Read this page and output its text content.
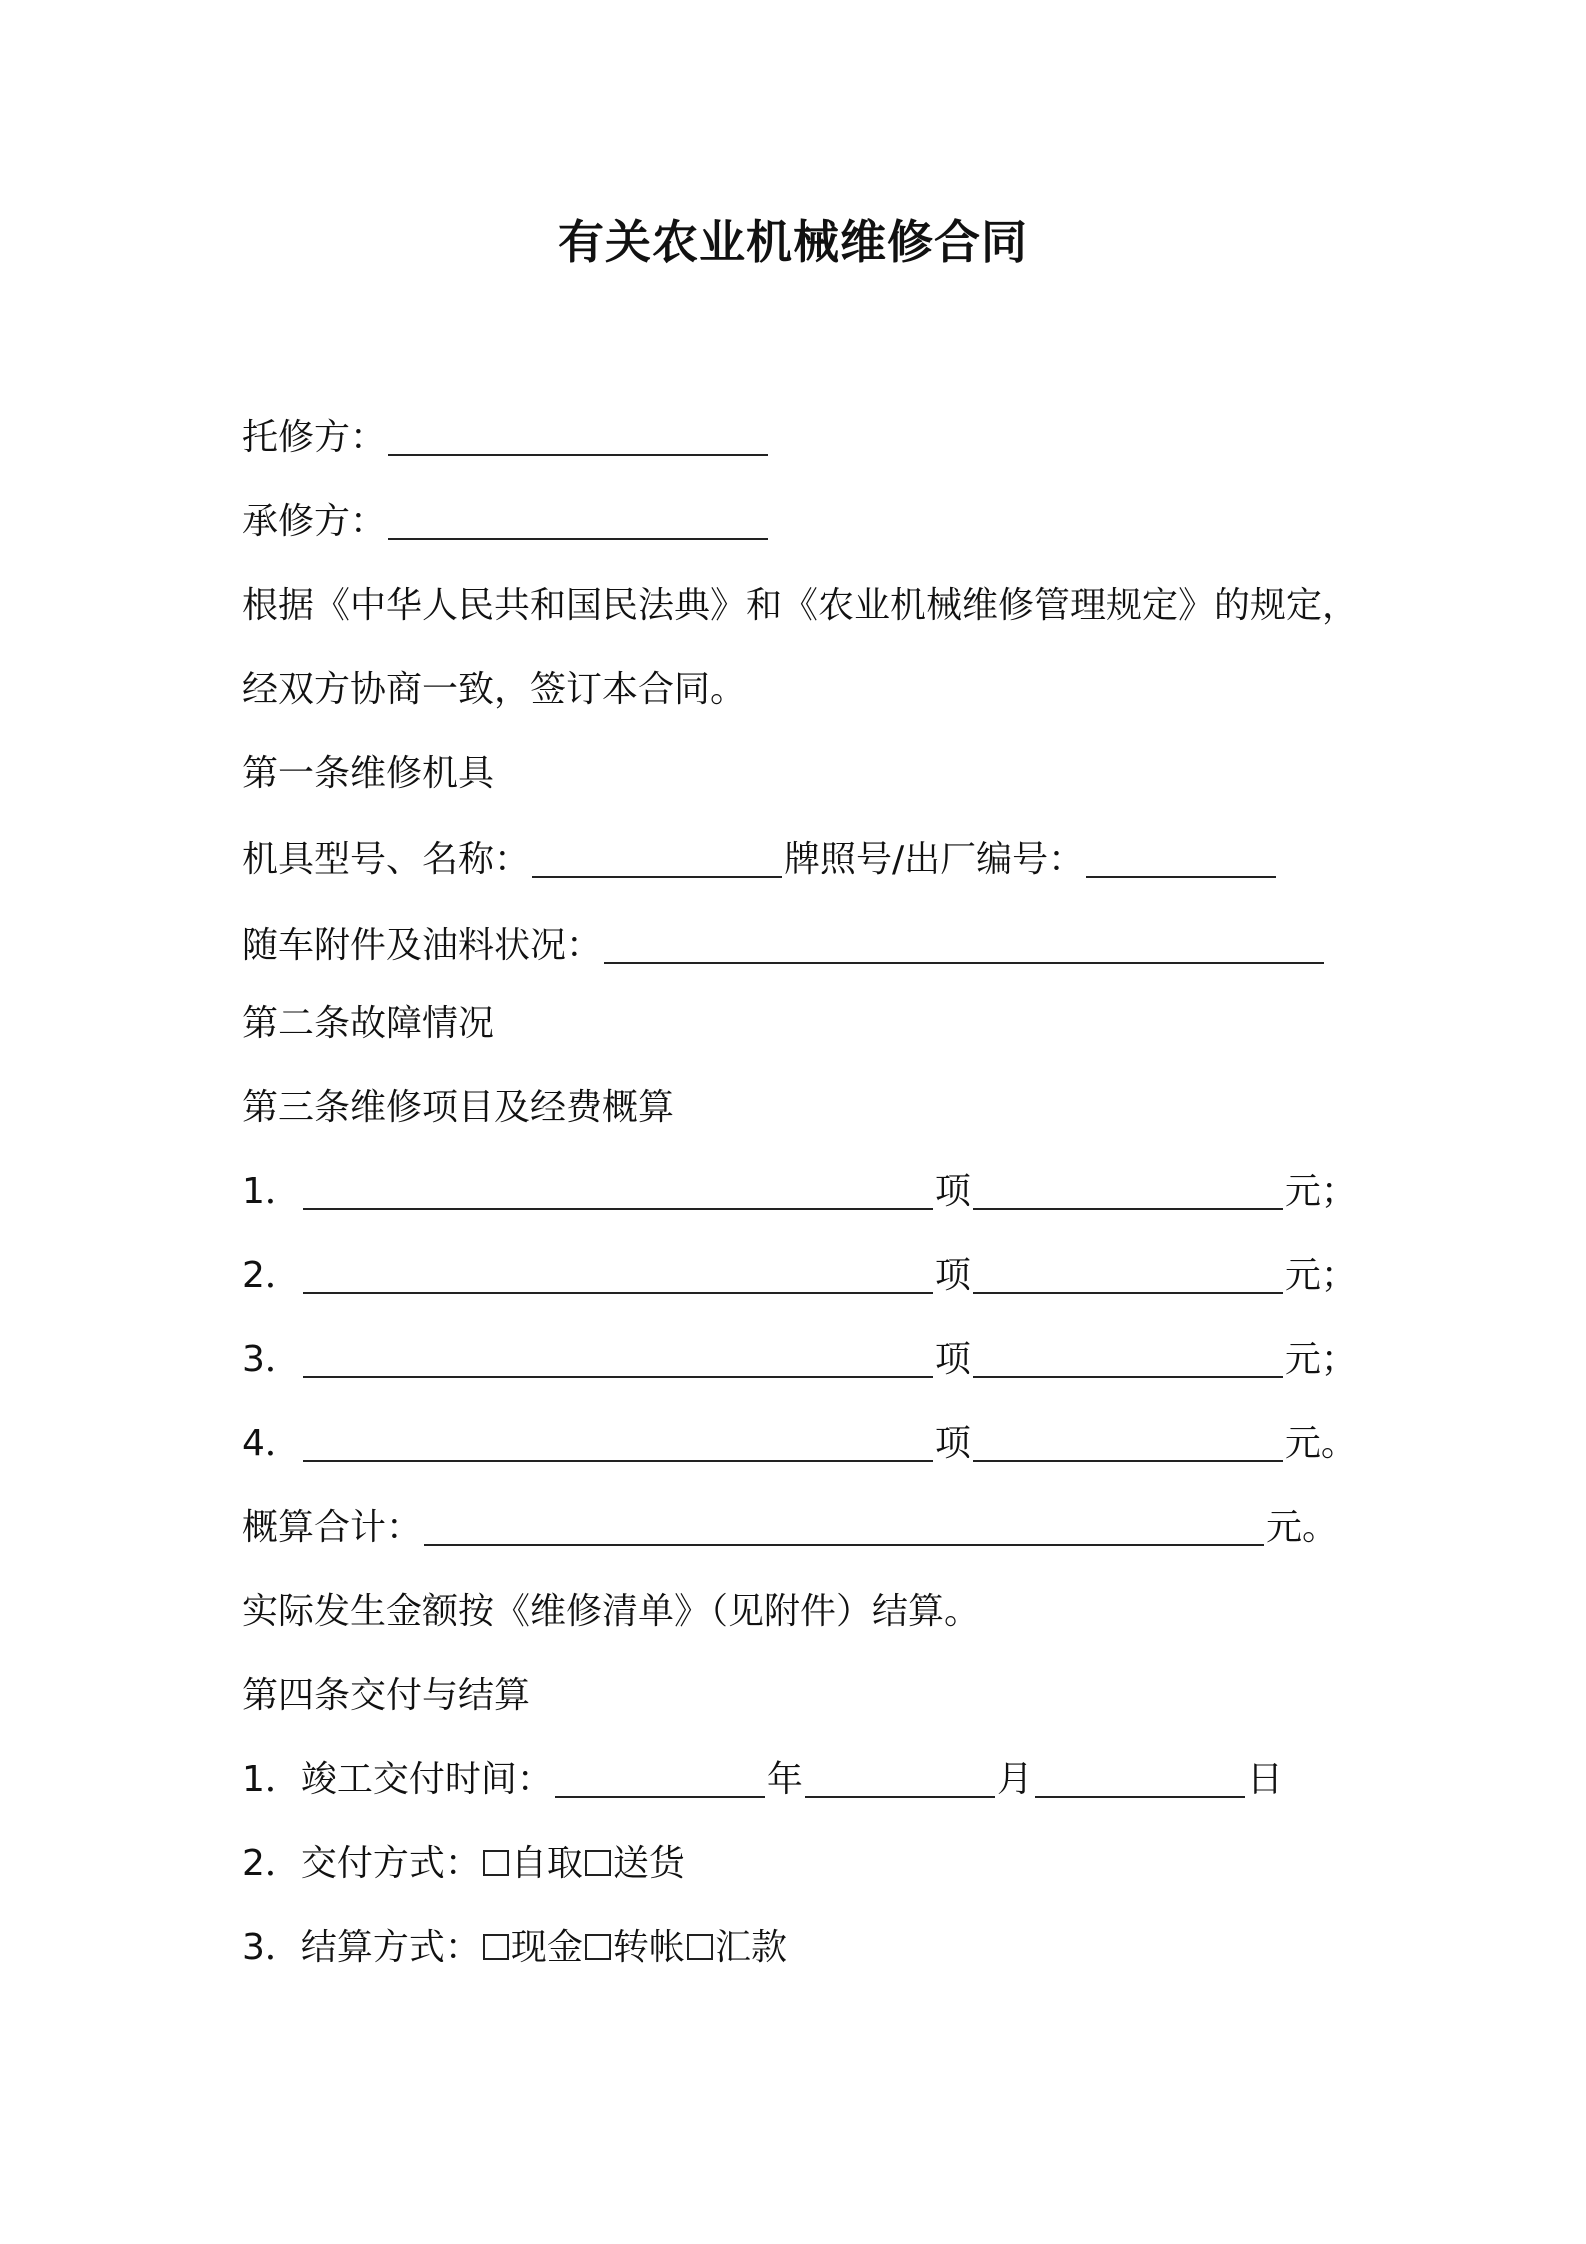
有关农业机械维修合同
托修方：
承修方：
根据《中华人民共和国民法典》和《农业机械维修管理规定》的规定，
经双方协商一致，签订本合同。
第一条维修机具
机具型号、名称：	牌照号/出厂编号：
随车附件及油料状况：
第二条故障情况
第三条维修项目及经费概算
1．	项	元；
2．	项	元；
3．	项	元；
4．	项	元。
概算合计：	元。
实际发生金额按《维修清单》（见附件）结算。
第四条交付与结算
1．竣工交付时间：	年	月	日
2．交付方式： 自取 送货
3．结算方式： 现金 转帐 汇款
